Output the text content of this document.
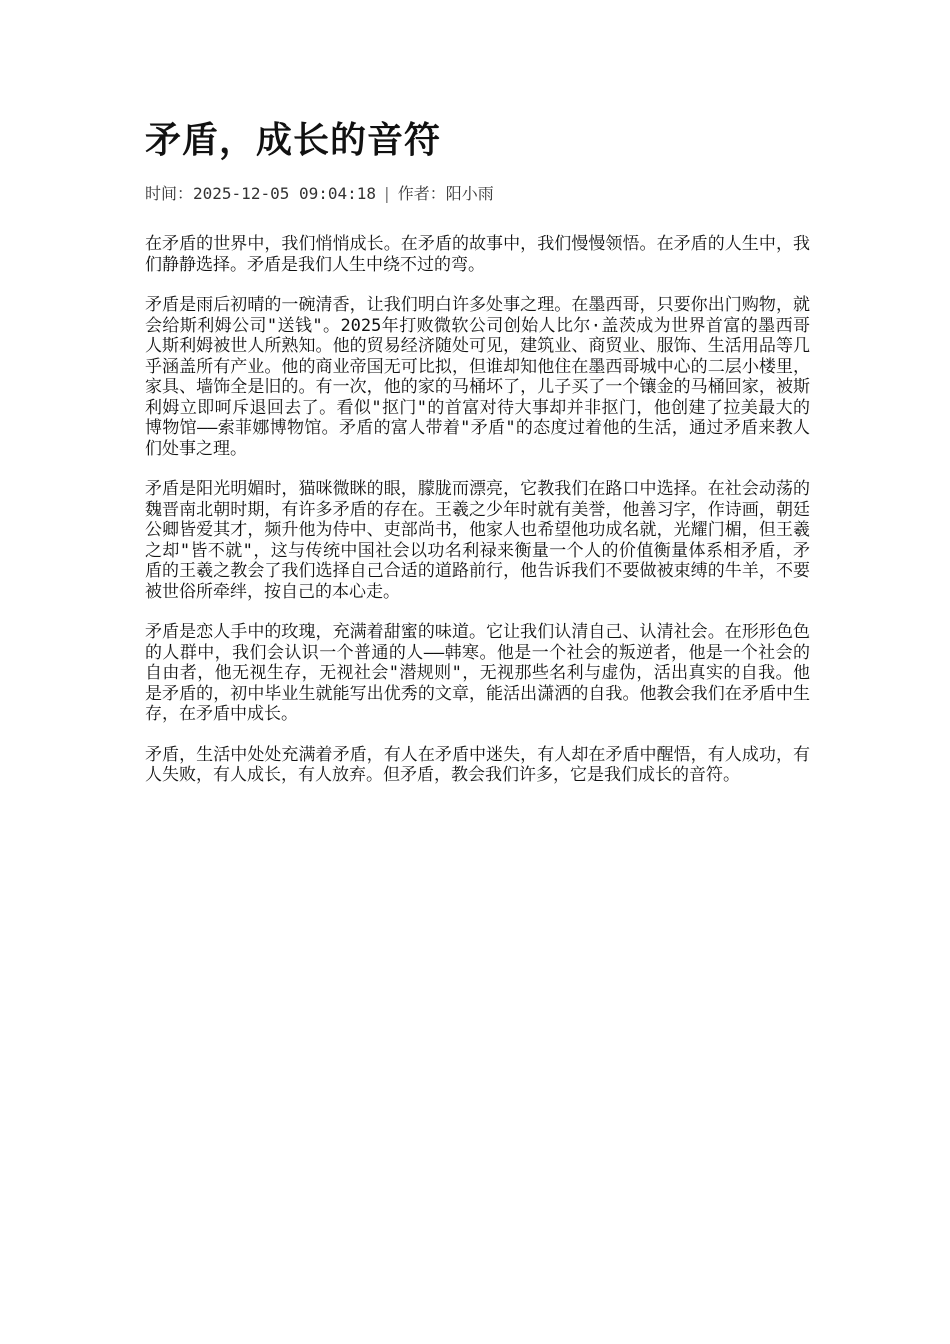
矛盾，成长的音符
时间：2025-12-05 09:04:18 | 作者：阳小雨

在矛盾的世界中，我们悄悄成长。在矛盾的故事中，我们慢慢领悟。在矛盾的人生中，我们静静选择。矛盾是我们人生中绕不过的弯。

矛盾是雨后初晴的一碗清香，让我们明白许多处事之理。在墨西哥，只要你出门购物，就会给斯利姆公司"送钱"。2025年打败微软公司创始人比尔·盖茨成为世界首富的墨西哥人斯利姆被世人所熟知。他的贸易经济随处可见，建筑业、商贸业、服饰、生活用品等几乎涵盖所有产业。他的商业帝国无可比拟，但谁却知他住在墨西哥城中心的二层小楼里，家具、墙饰全是旧的。有一次，他的家的马桶坏了，儿子买了一个镶金的马桶回家，被斯利姆立即呵斥退回去了。看似"抠门"的首富对待大事却并非抠门，他创建了拉美最大的博物馆——索菲娜博物馆。矛盾的富人带着"矛盾"的态度过着他的生活，通过矛盾来教人们处事之理。

矛盾是阳光明媚时，猫咪微眯的眼，朦胧而漂亮，它教我们在路口中选择。在社会动荡的魏晋南北朝时期，有许多矛盾的存在。王羲之少年时就有美誉，他善习字，作诗画，朝廷公卿皆爱其才，频升他为侍中、吏部尚书，他家人也希望他功成名就，光耀门楣，但王羲之却"皆不就"，这与传统中国社会以功名利禄来衡量一个人的价值衡量体系相矛盾，矛盾的王羲之教会了我们选择自己合适的道路前行，他告诉我们不要做被束缚的牛羊，不要被世俗所牵绊，按自己的本心走。

矛盾是恋人手中的玫瑰，充满着甜蜜的味道。它让我们认清自己、认清社会。在形形色色的人群中，我们会认识一个普通的人——韩寒。他是一个社会的叛逆者，他是一个社会的自由者，他无视生存，无视社会"潜规则"，无视那些名利与虚伪，活出真实的自我。他是矛盾的，初中毕业生就能写出优秀的文章，能活出潇洒的自我。他教会我们在矛盾中生存，在矛盾中成长。

矛盾，生活中处处充满着矛盾，有人在矛盾中迷失，有人却在矛盾中醒悟，有人成功，有人失败，有人成长，有人放弃。但矛盾，教会我们许多，它是我们成长的音符。
